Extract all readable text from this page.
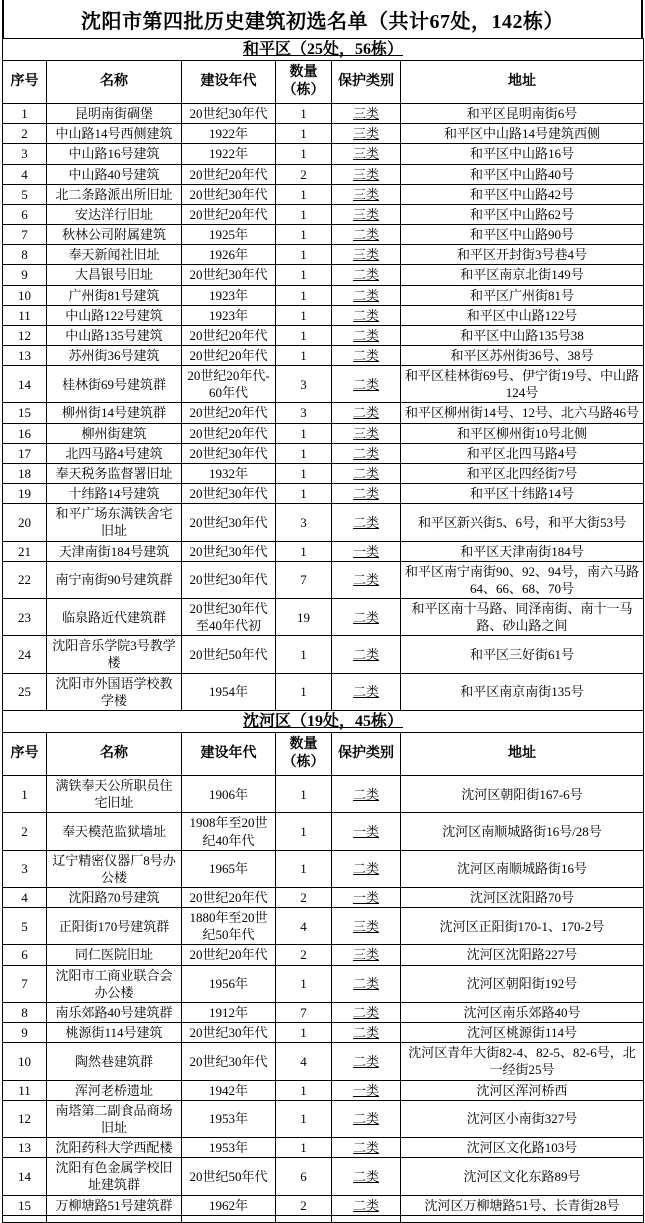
沈阳市第四批历史建筑初选名单（共计67处，142栋）
和平区（25处，56栋）					
序号	名称	建设年代	数量
（栋）	保护类别	地址
1	昆明南街碉堡	20世纪30年代	1	三类	和平区昆明南街6号
2	中山路14号西侧建筑	1922年	1	三类	和平区中山路14号建筑西侧
3	中山路16号建筑	1922年	1	三类	和平区中山路16号
4	中山路40号建筑	20世纪20年代	2	三类	和平区中山路40号
5	北二条路派出所旧址	20世纪30年代	1	三类	和平区中山路42号
6	安达洋行旧址	20世纪20年代	1	三类	和平区中山路62号
7	秋林公司附属建筑	1925年	1	二类	和平区中山路90号
8	奉天新闻社旧址	1926年	1	三类	和平区开封街3号巷4号
9	大昌银号旧址	20世纪30年代	1	二类	和平区南京北街149号
10	广州街81号建筑	1923年	1	二类	和平区广州街81号
11	中山路122号建筑	1923年	1	二类	和平区中山路122号
12	中山路135号建筑	20世纪20年代	1	二类	和平区中山路135号38
13	苏州街36号建筑	20世纪20年代	1	二类	和平区苏州街36号、38号
14	桂林街69号建筑群	20世纪20年代-60年代	3	二类	和平区桂林街69号、伊宁街19号、中山路124号
15	柳州街14号建筑群	20世纪20年代	3	二类	和平区柳州街14号、12号、北六马路46号
16	柳州街建筑	20世纪20年代	1	三类	和平区柳州街10号北侧
17	北四马路4号建筑	20世纪30年代	1	二类	和平区北四马路4号
18	奉天税务监督署旧址	1932年	1	二类	和平区北四经街7号
19	十纬路14号建筑	20世纪30年代	1	二类	和平区十纬路14号
20	和平广场东满铁舍宅旧址	20世纪30年代	3	二类	和平区新兴街5、6号，和平大街53号
21	天津南街184号建筑	20世纪30年代	1	一类	和平区天津南街184号
22	南宁南街90号建筑群	20世纪30年代	7	二类	和平区南宁南街90、92、94号，南六马路64、66、68、70号
23	临泉路近代建筑群	20世纪30年代至40年代初	19	二类	和平区南十马路、同泽南街、南十一马路、砂山路之间
24	沈阳音乐学院3号教学楼	20世纪50年代	1	二类	和平区三好街61号
25	沈阳市外国语学校教学楼	1954年	1	二类	和平区南京南街135号
沈河区（19处，45栋）					
序号	名称	建设年代	数量
（栋）	保护类别	地址
1	满铁奉天公所职员住宅旧址	1906年	1	二类	沈河区朝阳街167-6号
2	奉天模范监狱墙址	1908年至20世纪40年代	1	一类	沈河区南顺城路街16号/28号
3	辽宁精密仪器厂8号办公楼	1965年	1	二类	沈河区南顺城路街16号
4	沈阳路70号建筑	20世纪20年代	2	一类	沈河区沈阳路70号
5	正阳街170号建筑群	1880年至20世纪50年代	4	三类	沈河区正阳街170-1、170-2号
6	同仁医院旧址	20世纪20年代	2	三类	沈河区沈阳路227号
7	沈阳市工商业联合会办公楼	1956年	1	二类	沈河区朝阳街192号
8	南乐郊路40号建筑群	1912年	7	二类	沈河区南乐郊路40号
9	桃源街114号建筑	20世纪30年代	1	二类	沈河区桃源街114号
10	陶然巷建筑群	20世纪30年代	4	二类	沈河区青年大街82-4、82-5、82-6号，北一经街25号
11	浑河老桥遗址	1942年	1	一类	沈河区浑河桥西
12	南塔第二副食品商场旧址	1953年	1	二类	沈河区小南街327号
13	沈阳药科大学西配楼	1953年	1	二类	沈河区文化路103号
14	沈阳有色金属学校旧址建筑群	20世纪50年代	6	二类	沈河区文化东路89号
15	万柳塘路51号建筑群	1962年	2	二类	沈河区万柳塘路51号、长青街28号
